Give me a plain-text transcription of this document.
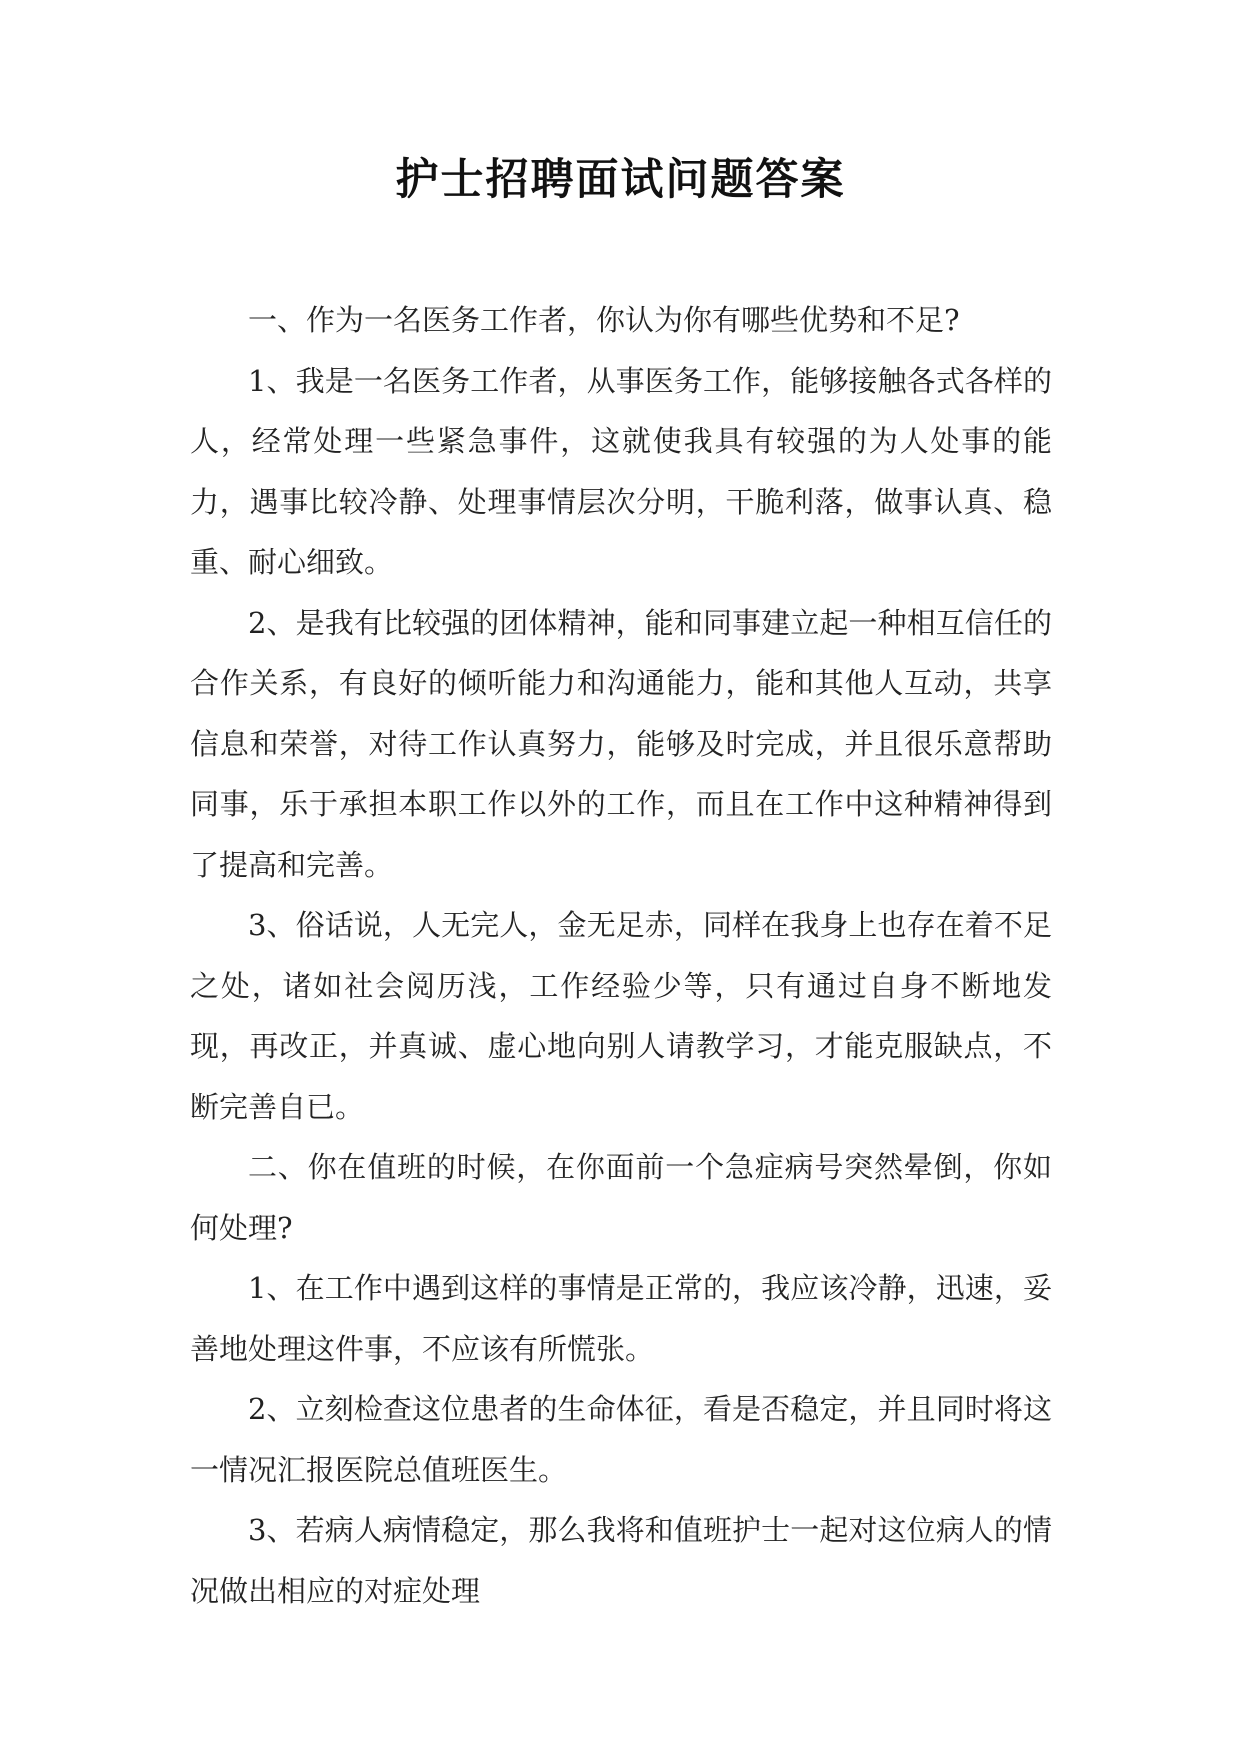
护士招聘面试问题答案

一、作为一名医务工作者，你认为你有哪些优势和不足?

1、我是一名医务工作者，从事医务工作，能够接触各式各样的人，经常处理一些紧急事件，这就使我具有较强的为人处事的能力，遇事比较冷静、处理事情层次分明，干脆利落，做事认真、稳重、耐心细致。

2、是我有比较强的团体精神，能和同事建立起一种相互信任的合作关系，有良好的倾听能力和沟通能力，能和其他人互动，共享信息和荣誉，对待工作认真努力，能够及时完成，并且很乐意帮助同事，乐于承担本职工作以外的工作，而且在工作中这种精神得到了提高和完善。

3、俗话说，人无完人，金无足赤，同样在我身上也存在着不足之处，诸如社会阅历浅，工作经验少等，只有通过自身不断地发现，再改正，并真诚、虚心地向别人请教学习，才能克服缺点，不断完善自已。

二、你在值班的时候，在你面前一个急症病号突然晕倒，你如何处理?

1、在工作中遇到这样的事情是正常的，我应该冷静，迅速，妥善地处理这件事，不应该有所慌张。

2、立刻检查这位患者的生命体征，看是否稳定，并且同时将这一情况汇报医院总值班医生。

3、若病人病情稳定，那么我将和值班护士一起对这位病人的情况做出相应的对症处理
